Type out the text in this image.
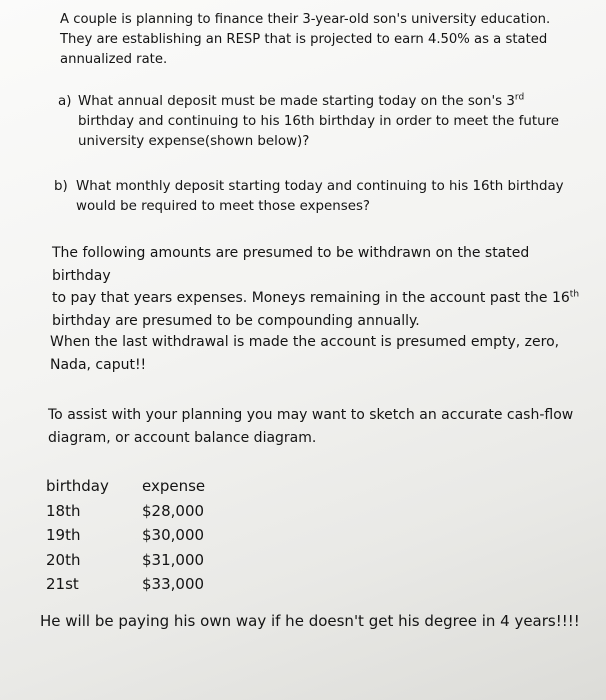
A couple is planning to finance their 3-year-old son's university education.
They are establishing an RESP that is projected to earn 4.50% as a stated
annualized rate.
a) What annual deposit must be made starting today on the son's 3rd
birthday and continuing to his 16th birthday in order to meet the future
university expense(shown below)?
b) What monthly deposit starting today and continuing to his 16th birthday
would be required to meet those expenses?
The following amounts are presumed to be withdrawn on the stated birthday
to pay that years expenses. Moneys remaining in the account past the 16th
birthday are presumed to be compounding annually.
When the last withdrawal is made the account is presumed empty, zero,
Nada, caput!!
To assist with your planning you may want to sketch an accurate cash-flow
diagram, or account balance diagram.
birthday expense
18th	$28,000
19th	$30,000
20th	$31,000
21st	$33,000
He will be paying his own way if he doesn't get his degree in 4 years!!!!
